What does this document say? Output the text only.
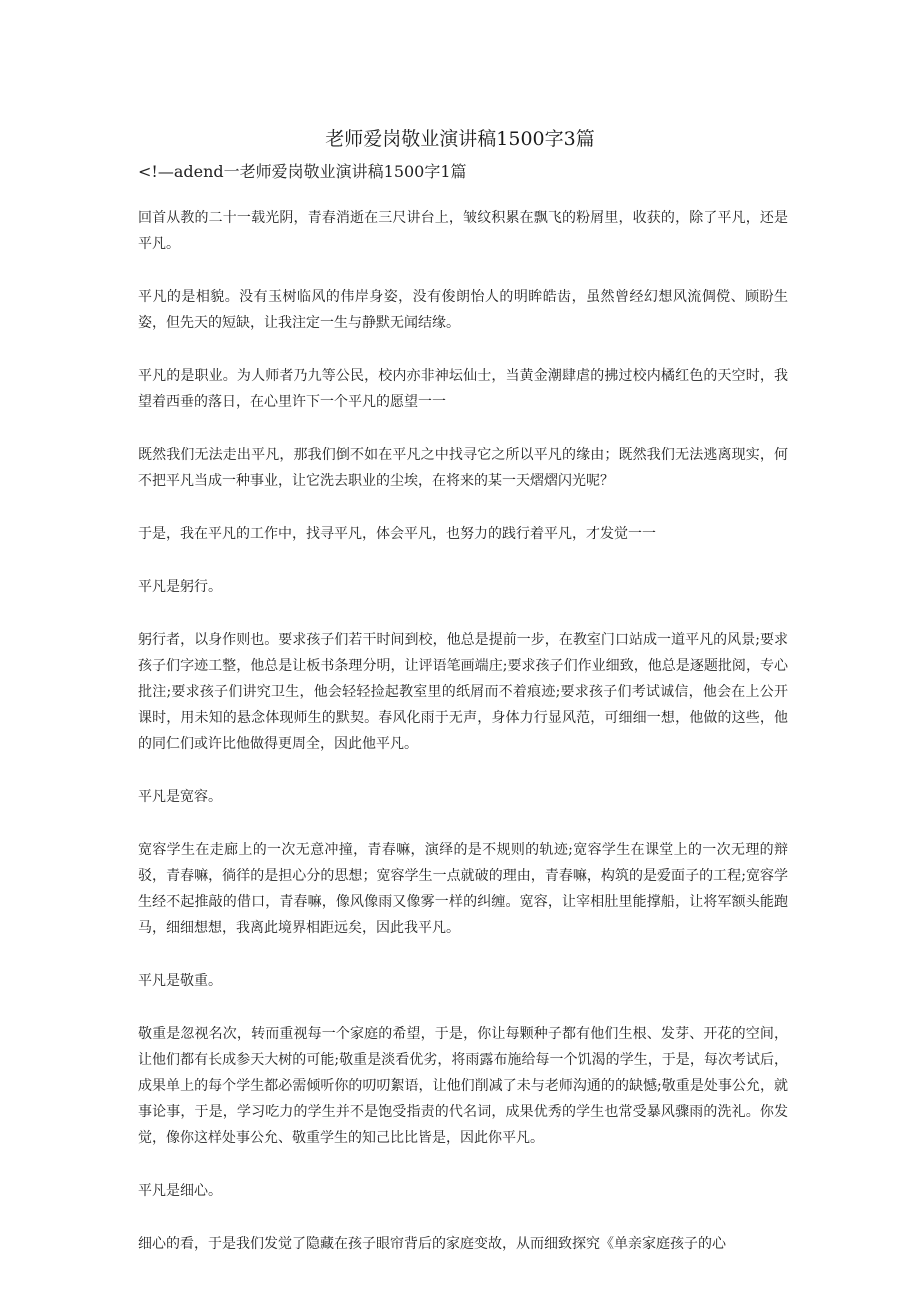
老师爱岗敬业演讲稿1500字3篇

<!—adend一老师爱岗敬业演讲稿1500字1篇

回首从教的二十一载光阴，青春消逝在三尺讲台上，皱纹积累在飘飞的粉屑里，收获的，除了平凡，还是平凡。

平凡的是相貌。没有玉树临风的伟岸身姿，没有俊朗怡人的明眸皓齿，虽然曾经幻想风流倜傥、顾盼生姿，但先天的短缺，让我注定一生与静默无闻结缘。

平凡的是职业。为人师者乃九等公民，校内亦非神坛仙士，当黄金潮肆虐的拂过校内橘红色的天空时，我望着西垂的落日，在心里许下一个平凡的愿望一一

既然我们无法走出平凡，那我们倒不如在平凡之中找寻它之所以平凡的缘由；既然我们无法逃离现实，何不把平凡当成一种事业，让它洗去职业的尘埃，在将来的某一天熠熠闪光呢？

于是，我在平凡的工作中，找寻平凡，体会平凡，也努力的践行着平凡，才发觉一一

平凡是躬行。

躬行者，以身作则也。要求孩子们若干时间到校，他总是提前一步，在教室门口站成一道平凡的风景;要求孩子们字迹工整，他总是让板书条理分明，让评语笔画端庄;要求孩子们作业细致，他总是逐题批阅，专心批注;要求孩子们讲究卫生，他会轻轻捡起教室里的纸屑而不着痕迹;要求孩子们考试诚信，他会在上公开课时，用未知的悬念体现师生的默契。春风化雨于无声，身体力行显风范，可细细一想，他做的这些，他的同仁们或许比他做得更周全，因此他平凡。

平凡是宽容。

宽容学生在走廊上的一次无意冲撞，青春嘛，演绎的是不规则的轨迹;宽容学生在课堂上的一次无理的辩驳，青春嘛，徜徉的是担心分的思想；宽容学生一点就破的理由，青春嘛，构筑的是爱面子的工程;宽容学生经不起推敲的借口，青春嘛，像风像雨又像雾一样的纠缠。宽容，让宰相肚里能撑船，让将军额头能跑马，细细想想，我离此境界相距远矣，因此我平凡。

平凡是敬重。

敬重是忽视名次，转而重视每一个家庭的希望，于是，你让每颗种子都有他们生根、发芽、开花的空间，让他们都有长成参天大树的可能;敬重是淡看优劣，将雨露布施给每一个饥渴的学生，于是，每次考试后，成果单上的每个学生都必需倾听你的叨叨絮语，让他们削减了未与老师沟通的的缺憾;敬重是处事公允，就事论事，于是，学习吃力的学生并不是饱受指责的代名词，成果优秀的学生也常受暴风骤雨的洗礼。你发觉，像你这样处事公允、敬重学生的知己比比皆是，因此你平凡。

平凡是细心。

细心的看，于是我们发觉了隐藏在孩子眼帘背后的家庭变故，从而细致探究《单亲家庭孩子的心
